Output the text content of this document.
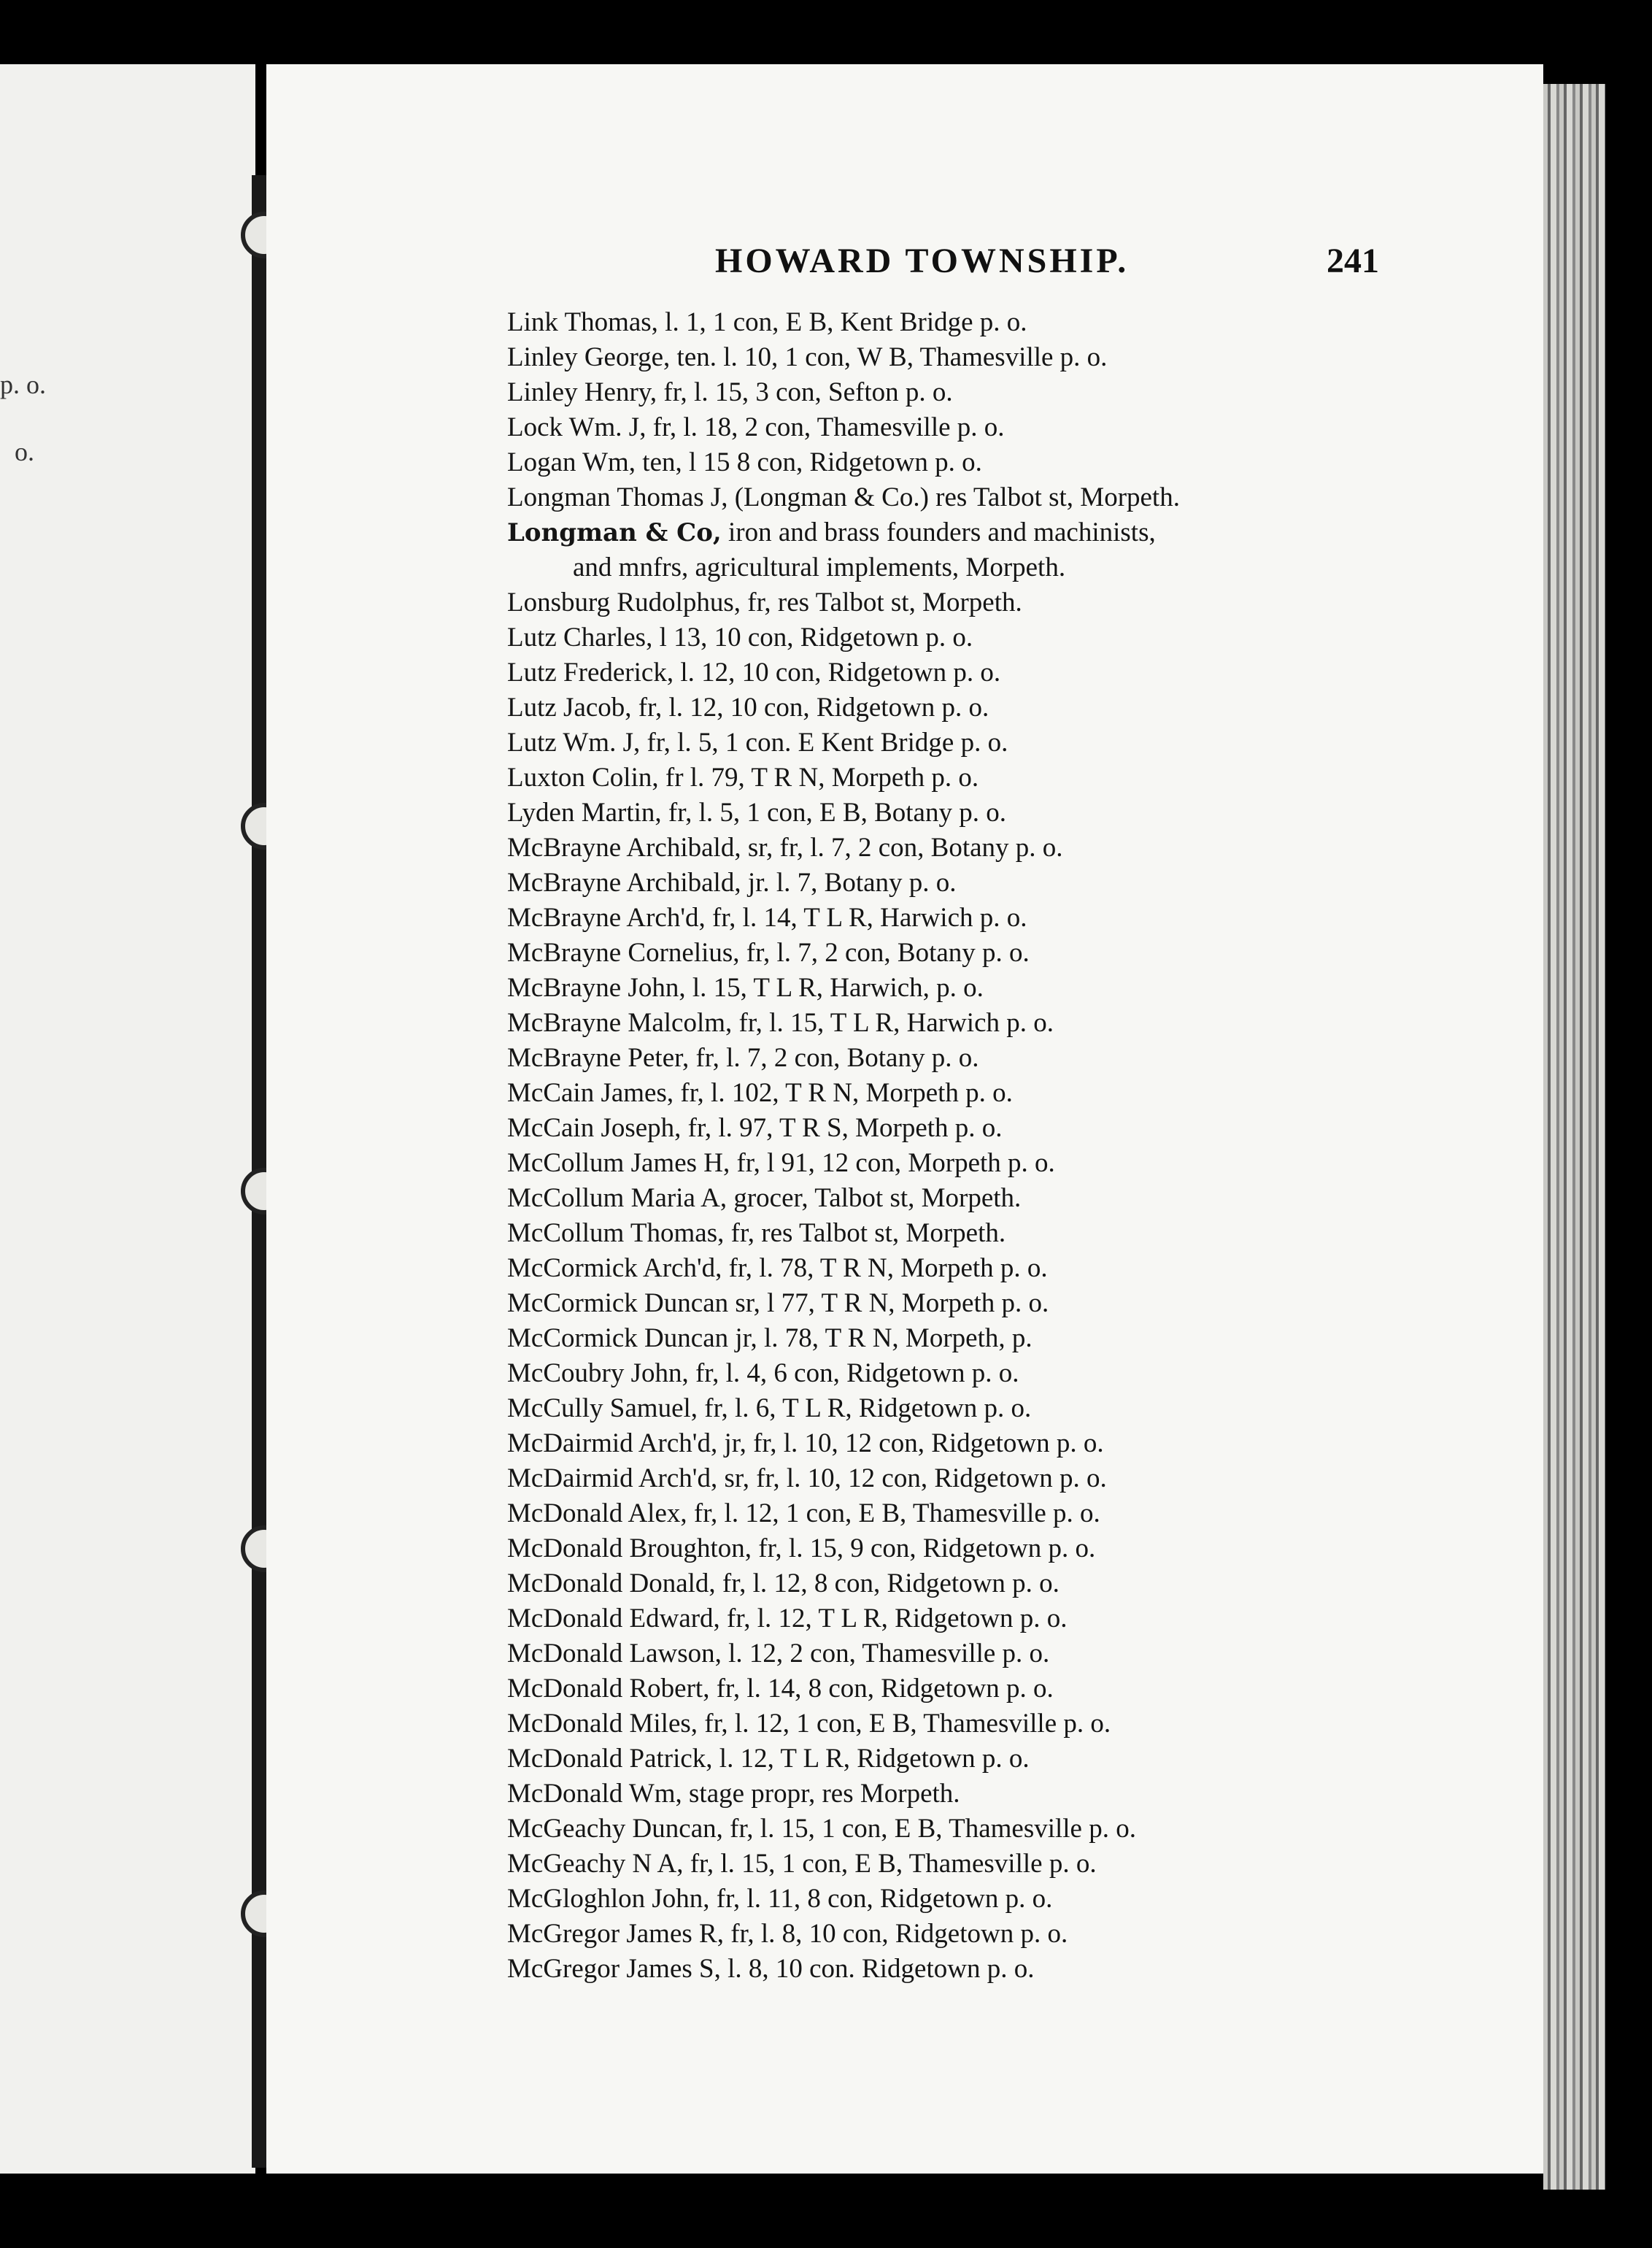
p. o.
o.
HOWARD TOWNSHIP.	241
Link Thomas, l. 1, 1 con, E B, Kent Bridge p. o.
Linley George, ten. l. 10, 1 con, W B, Thamesville p. o.
Linley Henry, fr, l. 15, 3 con, Sefton p. o.
Lock Wm. J, fr, l. 18, 2 con, Thamesville p. o.
Logan Wm, ten, l 15 8 con, Ridgetown p. o.
Longman Thomas J, (Longman & Co.) res Talbot st, Morpeth.
Longman & Co, iron and brass founders and machinists,
and mnfrs, agricultural implements, Morpeth.
Lonsburg Rudolphus, fr, res Talbot st, Morpeth.
Lutz Charles, l 13, 10 con, Ridgetown p. o.
Lutz Frederick, l. 12, 10 con, Ridgetown p. o.
Lutz Jacob, fr, l. 12, 10 con, Ridgetown p. o.
Lutz Wm. J, fr, l. 5, 1 con. E Kent Bridge p. o.
Luxton Colin, fr l. 79, T R N, Morpeth p. o.
Lyden Martin, fr, l. 5, 1 con, E B, Botany p. o.
McBrayne Archibald, sr, fr, l. 7, 2 con, Botany p. o.
McBrayne Archibald, jr. l. 7, Botany p. o.
McBrayne Arch'd, fr, l. 14, T L R, Harwich p. o.
McBrayne Cornelius, fr, l. 7, 2 con, Botany p. o.
McBrayne John, l. 15, T L R, Harwich, p. o.
McBrayne Malcolm, fr, l. 15, T L R, Harwich p. o.
McBrayne Peter, fr, l. 7, 2 con, Botany p. o.
McCain James, fr, l. 102, T R N, Morpeth p. o.
McCain Joseph, fr, l. 97, T R S, Morpeth p. o.
McCollum James H, fr, l 91, 12 con, Morpeth p. o.
McCollum Maria A, grocer, Talbot st, Morpeth.
McCollum Thomas, fr, res Talbot st, Morpeth.
McCormick Arch'd, fr, l. 78, T R N, Morpeth p. o.
McCormick Duncan sr, l 77, T R N, Morpeth p. o.
McCormick Duncan jr, l. 78, T R N, Morpeth, p.
McCoubry John, fr, l. 4, 6 con, Ridgetown p. o.
McCully Samuel, fr, l. 6, T L R, Ridgetown p. o.
McDairmid Arch'd, jr, fr, l. 10, 12 con, Ridgetown p. o.
McDairmid Arch'd, sr, fr, l. 10, 12 con, Ridgetown p. o.
McDonald Alex, fr, l. 12, 1 con, E B, Thamesville p. o.
McDonald Broughton, fr, l. 15, 9 con, Ridgetown p. o.
McDonald Donald, fr, l. 12, 8 con, Ridgetown p. o.
McDonald Edward, fr, l. 12, T L R, Ridgetown p. o.
McDonald Lawson, l. 12, 2 con, Thamesville p. o.
McDonald Robert, fr, l. 14, 8 con, Ridgetown p. o.
McDonald Miles, fr, l. 12, 1 con, E B, Thamesville p. o.
McDonald Patrick, l. 12, T L R, Ridgetown p. o.
McDonald Wm, stage propr, res Morpeth.
McGeachy Duncan, fr, l. 15, 1 con, E B, Thamesville p. o.
McGeachy N A, fr, l. 15, 1 con, E B, Thamesville p. o.
McGloghlon John, fr, l. 11, 8 con, Ridgetown p. o.
McGregor James R, fr, l. 8, 10 con, Ridgetown p. o.
McGregor James S, l. 8, 10 con. Ridgetown p. o.
